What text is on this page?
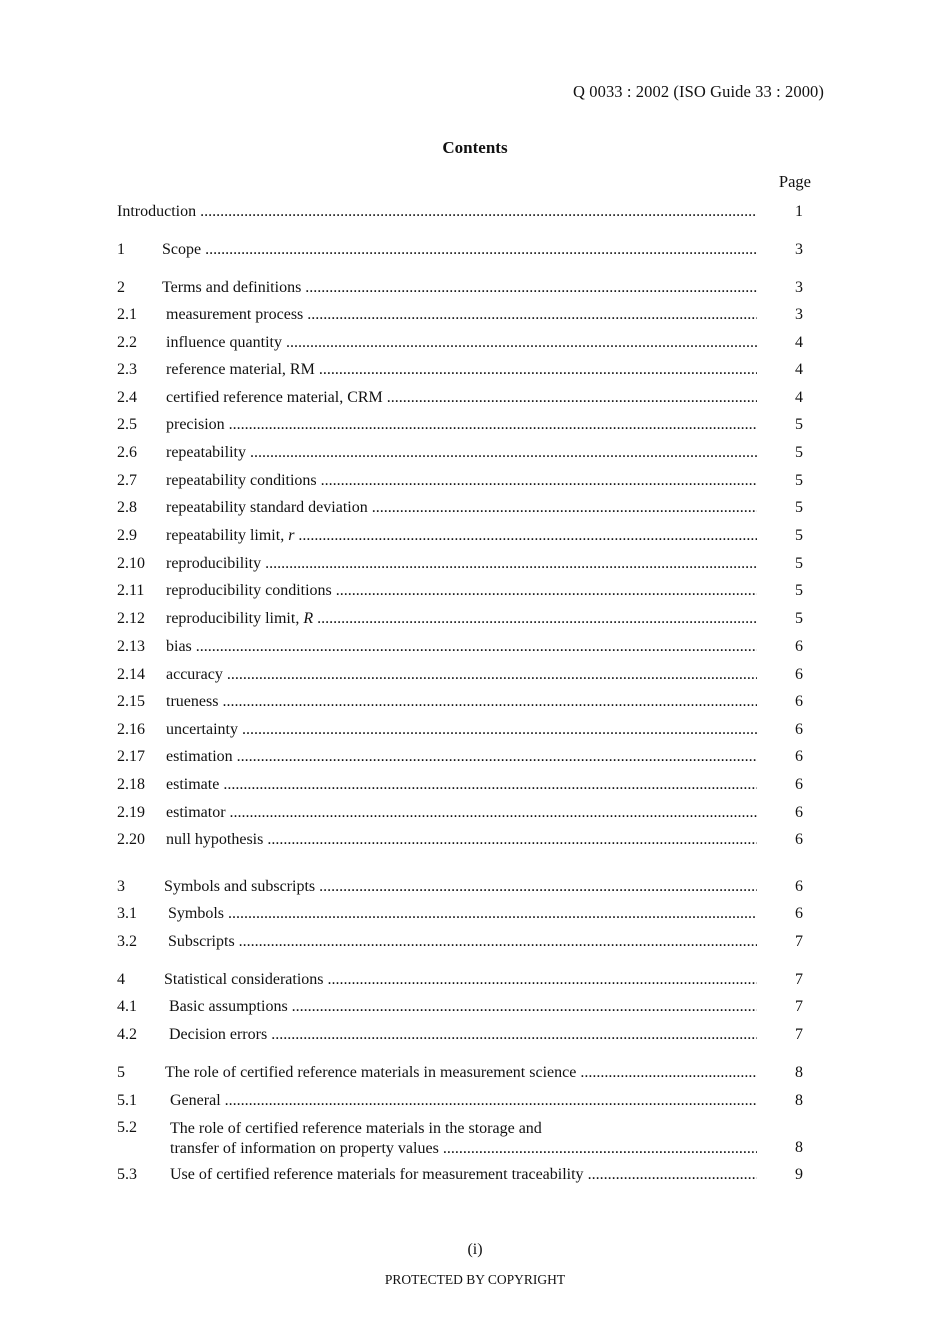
Q 0033 : 2002 (ISO Guide 33 : 2000)
Contents
Page
Introduction .....	1
1 Scope .....	3
2 Terms and definitions .....	3
2.1 measurement process .....	3
2.2 influence quantity .....	4
2.3 reference material, RM .....	4
2.4 certified reference material, CRM .....	4
2.5 precision .....	5
2.6 repeatability .....	5
2.7 repeatability conditions .....	5
2.8 repeatability standard deviation .....	5
2.9 repeatability limit, r .....	5
2.10 reproducibility .....	5
2.11 reproducibility conditions .....	5
2.12 reproducibility limit, R .....	5
2.13 bias .....	6
2.14 accuracy .....	6
2.15 trueness .....	6
2.16 uncertainty .....	6
2.17 estimation .....	6
2.18 estimate .....	6
2.19 estimator .....	6
2.20 null hypothesis .....	6
3 Symbols and subscripts .....	6
3.1 Symbols .....	6
3.2 Subscripts .....	7
4 Statistical considerations .....	7
4.1 Basic assumptions .....	7
4.2 Decision errors .....	7
5	The role of certified reference materials in measurement science .....	8
5.1 General .....	8
5.2 The role of certified reference materials in the storage and
transfer of information on property values .....	8
5.3 Use of certified reference materials for measurement traceability .....	9
(i)
PROTECTED BY COPYRIGHT
